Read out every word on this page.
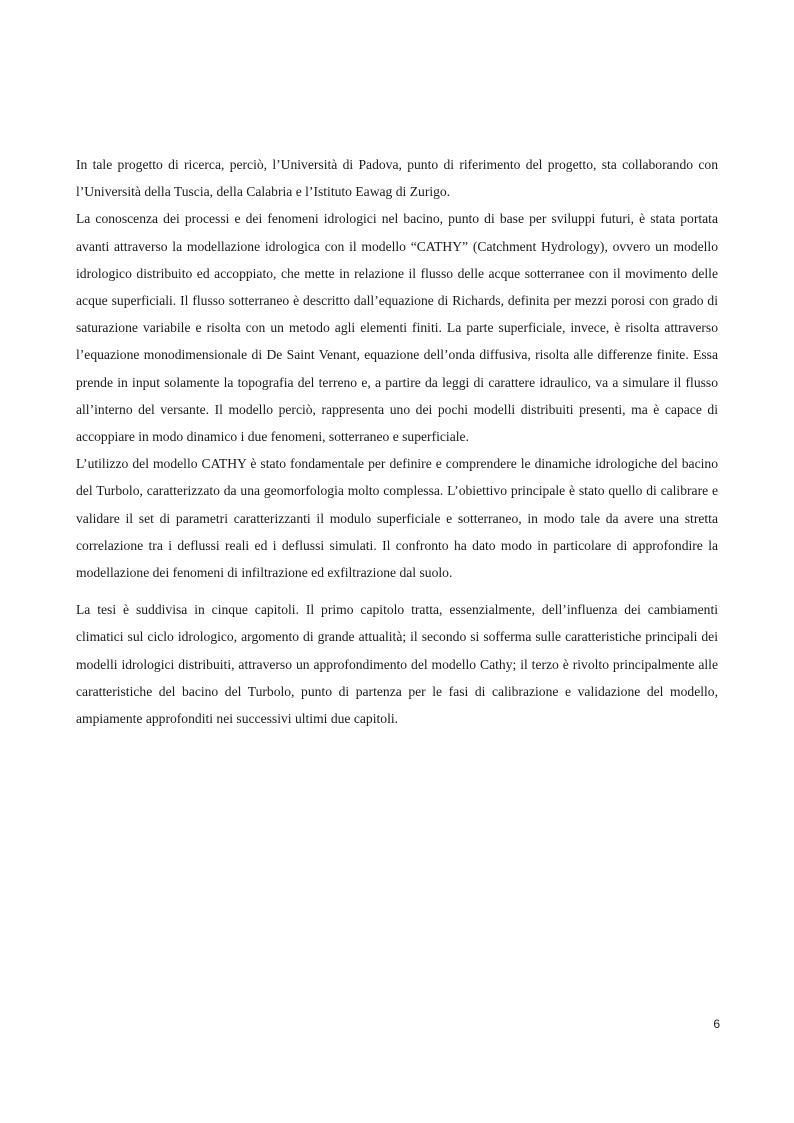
In tale progetto di ricerca, perciò, l’Università di Padova, punto di riferimento del progetto, sta collaborando con l’Università della Tuscia, della Calabria e l’Istituto Eawag di Zurigo.

La conoscenza dei processi e dei fenomeni idrologici nel bacino, punto di base per sviluppi futuri, è stata portata avanti attraverso la modellazione idrologica con il modello “CATHY” (Catchment Hydrology), ovvero un modello idrologico distribuito ed accoppiato, che mette in relazione il flusso delle acque sotterranee con il movimento delle acque superficiali. Il flusso sotterraneo è descritto dall’equazione di Richards, definita per mezzi porosi con grado di saturazione variabile e risolta con un metodo agli elementi finiti. La parte superficiale, invece, è risolta attraverso l’equazione monodimensionale di De Saint Venant, equazione dell’onda diffusiva, risolta alle differenze finite. Essa prende in input solamente la topografia del terreno e, a partire da leggi di carattere idraulico, va a simulare il flusso all’interno del versante. Il modello perciò, rappresenta uno dei pochi modelli distribuiti presenti, ma è capace di accoppiare in modo dinamico i due fenomeni, sotterraneo e superficiale.

L’utilizzo del modello CATHY è stato fondamentale per definire e comprendere le dinamiche idrologiche del bacino del Turbolo, caratterizzato da una geomorfologia molto complessa. L’obiettivo principale è stato quello di calibrare e validare il set di parametri caratterizzanti il modulo superficiale e sotterraneo, in modo tale da avere una stretta correlazione tra i deflussi reali ed i deflussi simulati. Il confronto ha dato modo in particolare di approfondire la modellazione dei fenomeni di infiltrazione ed exfiltrazione dal suolo.

La tesi è suddivisa in cinque capitoli. Il primo capitolo tratta, essenzialmente, dell’influenza dei cambiamenti climatici sul ciclo idrologico, argomento di grande attualità; il secondo si sofferma sulle caratteristiche principali dei modelli idrologici distribuiti, attraverso un approfondimento del modello Cathy; il terzo è rivolto principalmente alle caratteristiche del bacino del Turbolo, punto di partenza per le fasi di calibrazione e validazione del modello, ampiamente approfonditi nei successivi ultimi due capitoli.

6
